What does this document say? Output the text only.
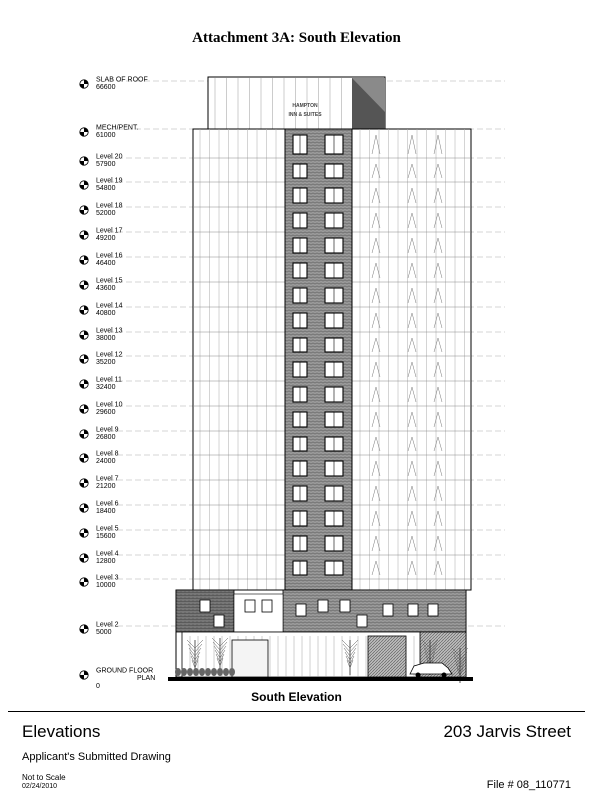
Attachment 3A: South Elevation
HAMPTON
INN & SUITES
SLAB OF ROOF
66600
MECH/PENT.
61000
Level 20
57900
Level 19
54800
Level 18
52000
Level 17
49200
Level 16
46400
Level 15
43600
Level 14
40800
Level 13
38000
Level 12
35200
Level 11
32400
Level 10
29600
Level 9
26800
Level 8
24000
Level 7
21200
Level 6
18400
Level 5
15600
Level 4
12800
Level 3
10000
Level 2
5000
GROUND FLOOR
PLAN
0
South Elevation
Elevations	203 Jarvis Street
Applicant's Submitted Drawing
Not to Scale
02/24/2010	File # 08_110771
